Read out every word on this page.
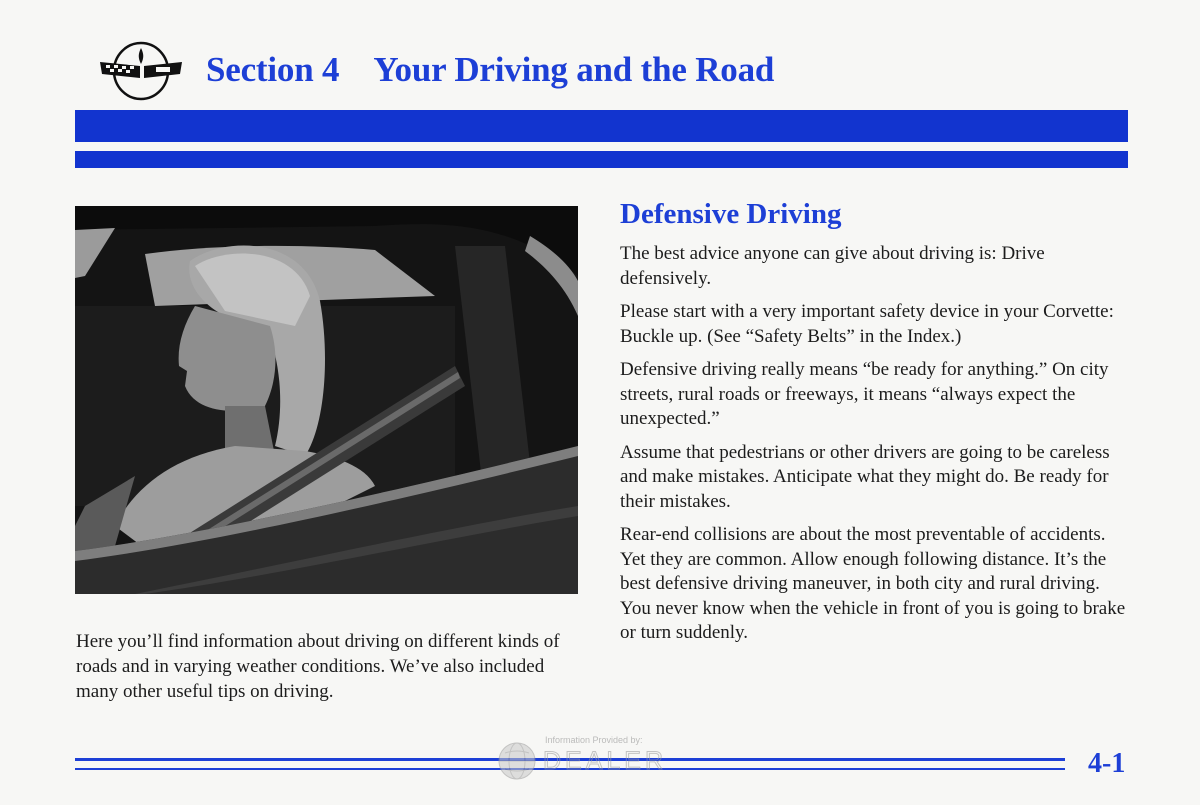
Section 4 Your Driving and the Road
Here you’ll find information about driving on different kinds of roads and in varying weather conditions. We’ve also included many other useful tips on driving.
Defensive Driving

The best advice anyone can give about driving is: Drive defensively.

Please start with a very important safety device in your Corvette: Buckle up. (See “Safety Belts” in the Index.)

Defensive driving really means “be ready for anything.” On city streets, rural roads or freeways, it means “always expect the unexpected.”

Assume that pedestrians or other drivers are going to be careless and make mistakes. Anticipate what they might do. Be ready for their mistakes.

Rear-end collisions are about the most preventable of accidents. Yet they are common. Allow enough following distance. It’s the best defensive driving maneuver, in both city and rural driving. You never know when the vehicle in front of you is going to brake or turn suddenly.

Information Provided by:
DEALER	4-1
